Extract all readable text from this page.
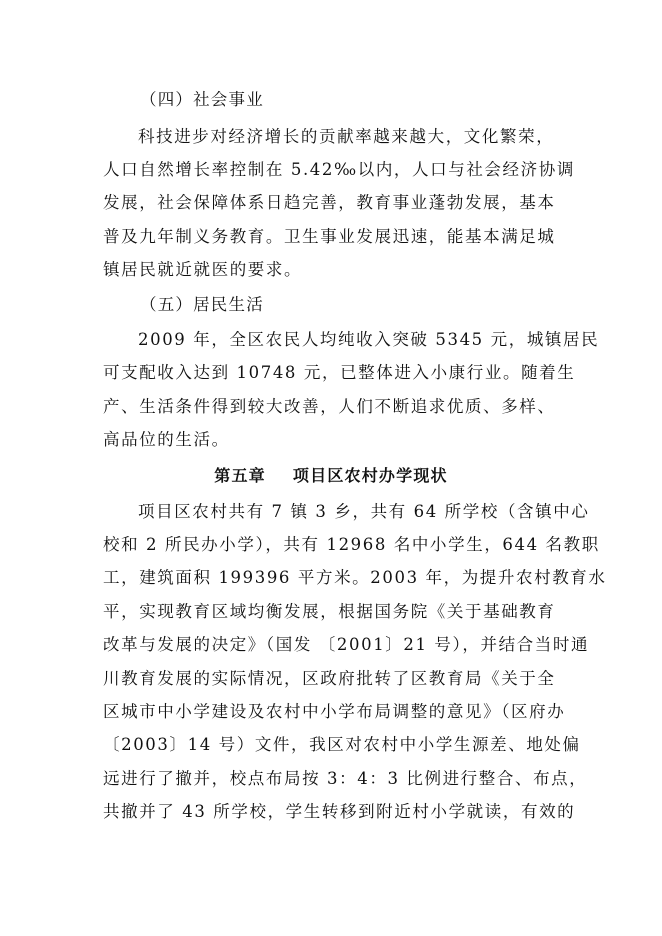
（四）社会事业
科技进步对经济增长的贡献率越来越大，文化繁荣，
人口自然增长率控制在 5.42‰以内，人口与社会经济协调
发展，社会保障体系日趋完善，教育事业蓬勃发展，基本
普及九年制义务教育。卫生事业发展迅速，能基本满足城
镇居民就近就医的要求。
（五）居民生活
2009 年，全区农民人均纯收入突破 5345 元，城镇居民
可支配收入达到 10748 元，已整体进入小康行业。随着生
产、生活条件得到较大改善，人们不断追求优质、多样、
高品位的生活。
第五章    项目区农村办学现状
项目区农村共有 7 镇 3 乡，共有 64 所学校（含镇中心
校和 2 所民办小学），共有 12968 名中小学生，644 名教职
工，建筑面积 199396 平方米。2003 年，为提升农村教育水
平，实现教育区域均衡发展，根据国务院《关于基础教育
改革与发展的决定》（国发 〔2001〕21 号），并结合当时通
川教育发展的实际情况，区政府批转了区教育局《关于全
区城市中小学建设及农村中小学布局调整的意见》（区府办
〔2003〕14 号）文件，我区对农村中小学生源差、地处偏
远进行了撤并，校点布局按 3：4：3 比例进行整合、布点，
共撤并了 43 所学校，学生转移到附近村小学就读，有效的
